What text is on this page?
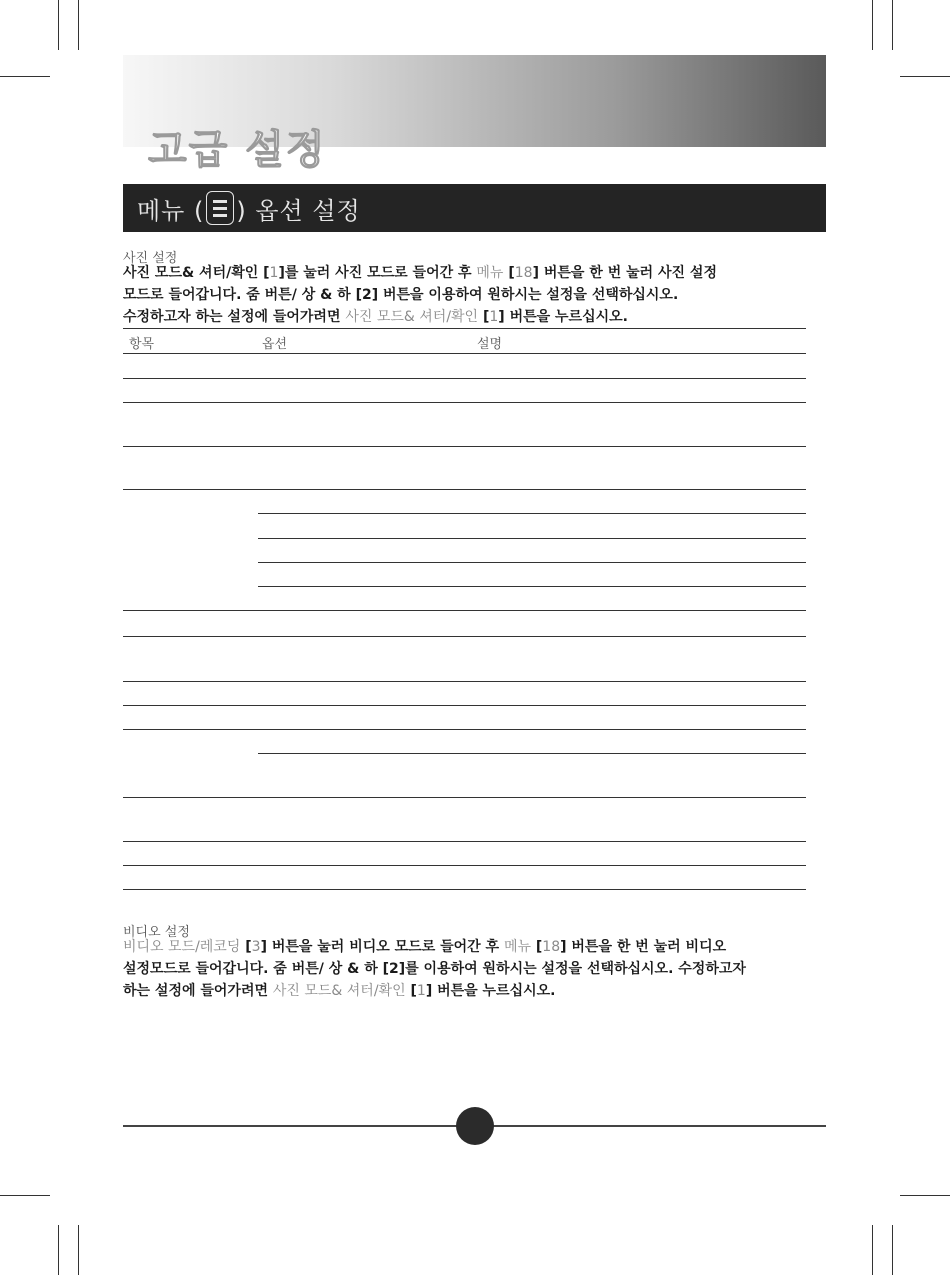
고급 설정
메뉴 ( ) 옵션 설정
사진 설정

사진 모드& 셔터/확인 [1]를 눌러 사진 모드로 들어간 후 메뉴 [18] 버튼을 한 번 눌러 사진 설정
모드로 들어갑니다. 줌 버튼/ 상 & 하 [2] 버튼을 이용하여 원하시는 설정을 선택하십시오.
수정하고자 하는 설정에 들어가려면 사진 모드& 셔터/확인 [1] 버튼을 누르십시오.

항목	옵션	설명
비디오 설정

비디오 모드/레코딩 [3] 버튼을 눌러 비디오 모드로 들어간 후 메뉴 [18] 버튼을 한 번 눌러 비디오
설정모드로 들어갑니다. 줌 버튼/ 상 & 하 [2]를 이용하여 원하시는 설정을 선택하십시오. 수정하고자
하는 설정에 들어가려면 사진 모드& 셔터/확인 [1] 버튼을 누르십시오.
